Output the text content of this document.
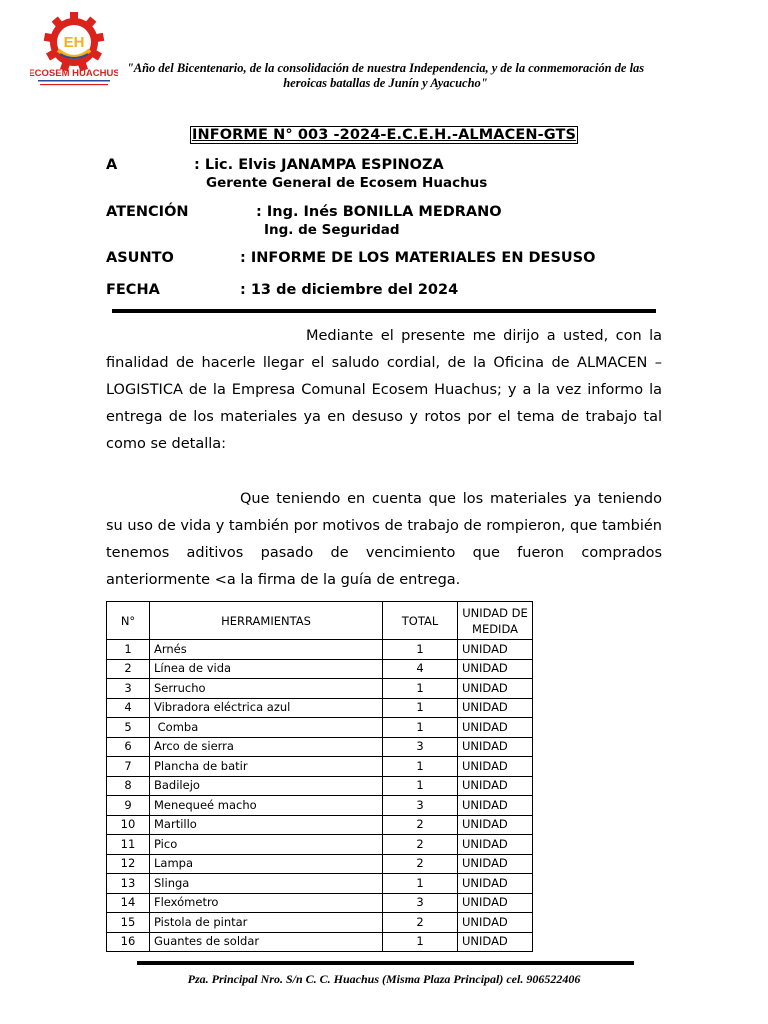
EH
ECOSEM HUACHUS "Año del Bicentenario, de la consolidación de nuestra Independencia, y de la conmemoración de las heroicas batallas de Junín y Ayacucho"
INFORME N° 003 -2024-E.C.E.H.-ALMACEN-GTS
A	: Lic. Elvis JANAMPA ESPINOZA
Gerente General de Ecosem Huachus
ATENCIÓN	: Ing. Inés BONILLA MEDRANO
Ing. de Seguridad
ASUNTO	: INFORME DE LOS MATERIALES EN DESUSO
FECHA	: 13 de diciembre del 2024
Mediante el presente me dirijo a usted, con la finalidad de hacerle llegar el saludo cordial, de la Oficina de ALMACEN – LOGISTICA de la Empresa Comunal Ecosem Huachus; y a la vez informo la entrega de los materiales ya en desuso y rotos por el tema de trabajo tal como se detalla:
Que teniendo en cuenta que los materiales ya teniendo su uso de vida y también por motivos de trabajo de rompieron, que también tenemos aditivos pasado de vencimiento que fueron comprados anteriormente <a la firma de la guía de entrega.
N°	HERRAMIENTAS	TOTAL	UNIDAD DE MEDIDA
1	Arnés	1	UNIDAD
2	Línea de vida	4	UNIDAD
3	Serrucho	1	UNIDAD
4	Vibradora eléctrica azul	1	UNIDAD
5	Comba	1	UNIDAD
6	Arco de sierra	3	UNIDAD
7	Plancha de batir	1	UNIDAD
8	Badilejo	1	UNIDAD
9	Menequeé macho	3	UNIDAD
10	Martillo	2	UNIDAD
11	Pico	2	UNIDAD
12	Lampa	2	UNIDAD
13	Slinga	1	UNIDAD
14	Flexómetro	3	UNIDAD
15	Pistola de pintar	2	UNIDAD
16	Guantes de soldar	1	UNIDAD
Pza. Principal Nro. S/n C. C. Huachus (Misma Plaza Principal) cel. 906522406
